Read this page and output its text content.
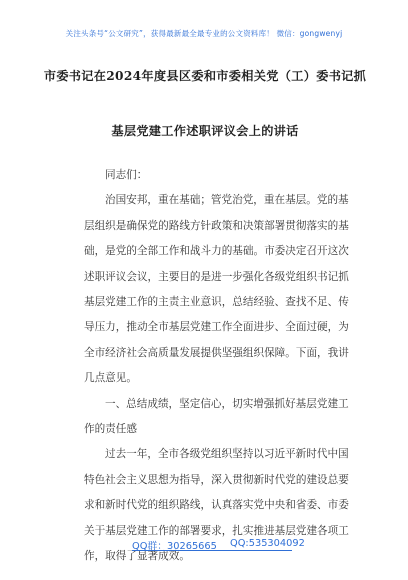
关注头条号“公文研究”，获得最新最全最专业的公文资料库！ 微信：gongwenyj
市委书记在2024年度县区委和市委相关党（工）委书记抓
基层党建工作述职评议会上的讲话

同志们：

治国安邦，重在基础；管党治党，重在基层。党的基
层组织是确保党的路线方针政策和决策部署贯彻落实的基
础，是党的全部工作和战斗力的基础。市委决定召开这次
述职评议会议，主要目的是进一步强化各级党组织书记抓
基层党建工作的主责主业意识，总结经验、查找不足、传
导压力，推动全市基层党建工作全面进步、全面过硬，为
全市经济社会高质量发展提供坚强组织保障。下面，我讲
几点意见。
一、总结成绩，坚定信心，切实增强抓好基层党建工
作的责任感
过去一年，全市各级党组织坚持以习近平新时代中国
特色社会主义思想为指导，深入贯彻新时代党的建设总要
求和新时代党的组织路线，认真落实党中央和省委、市委
关于基层党建工作的部署要求，扎实推进基层党建各项工
作，取得了显著成效。
QQ群：30265665 QQ:535304092
